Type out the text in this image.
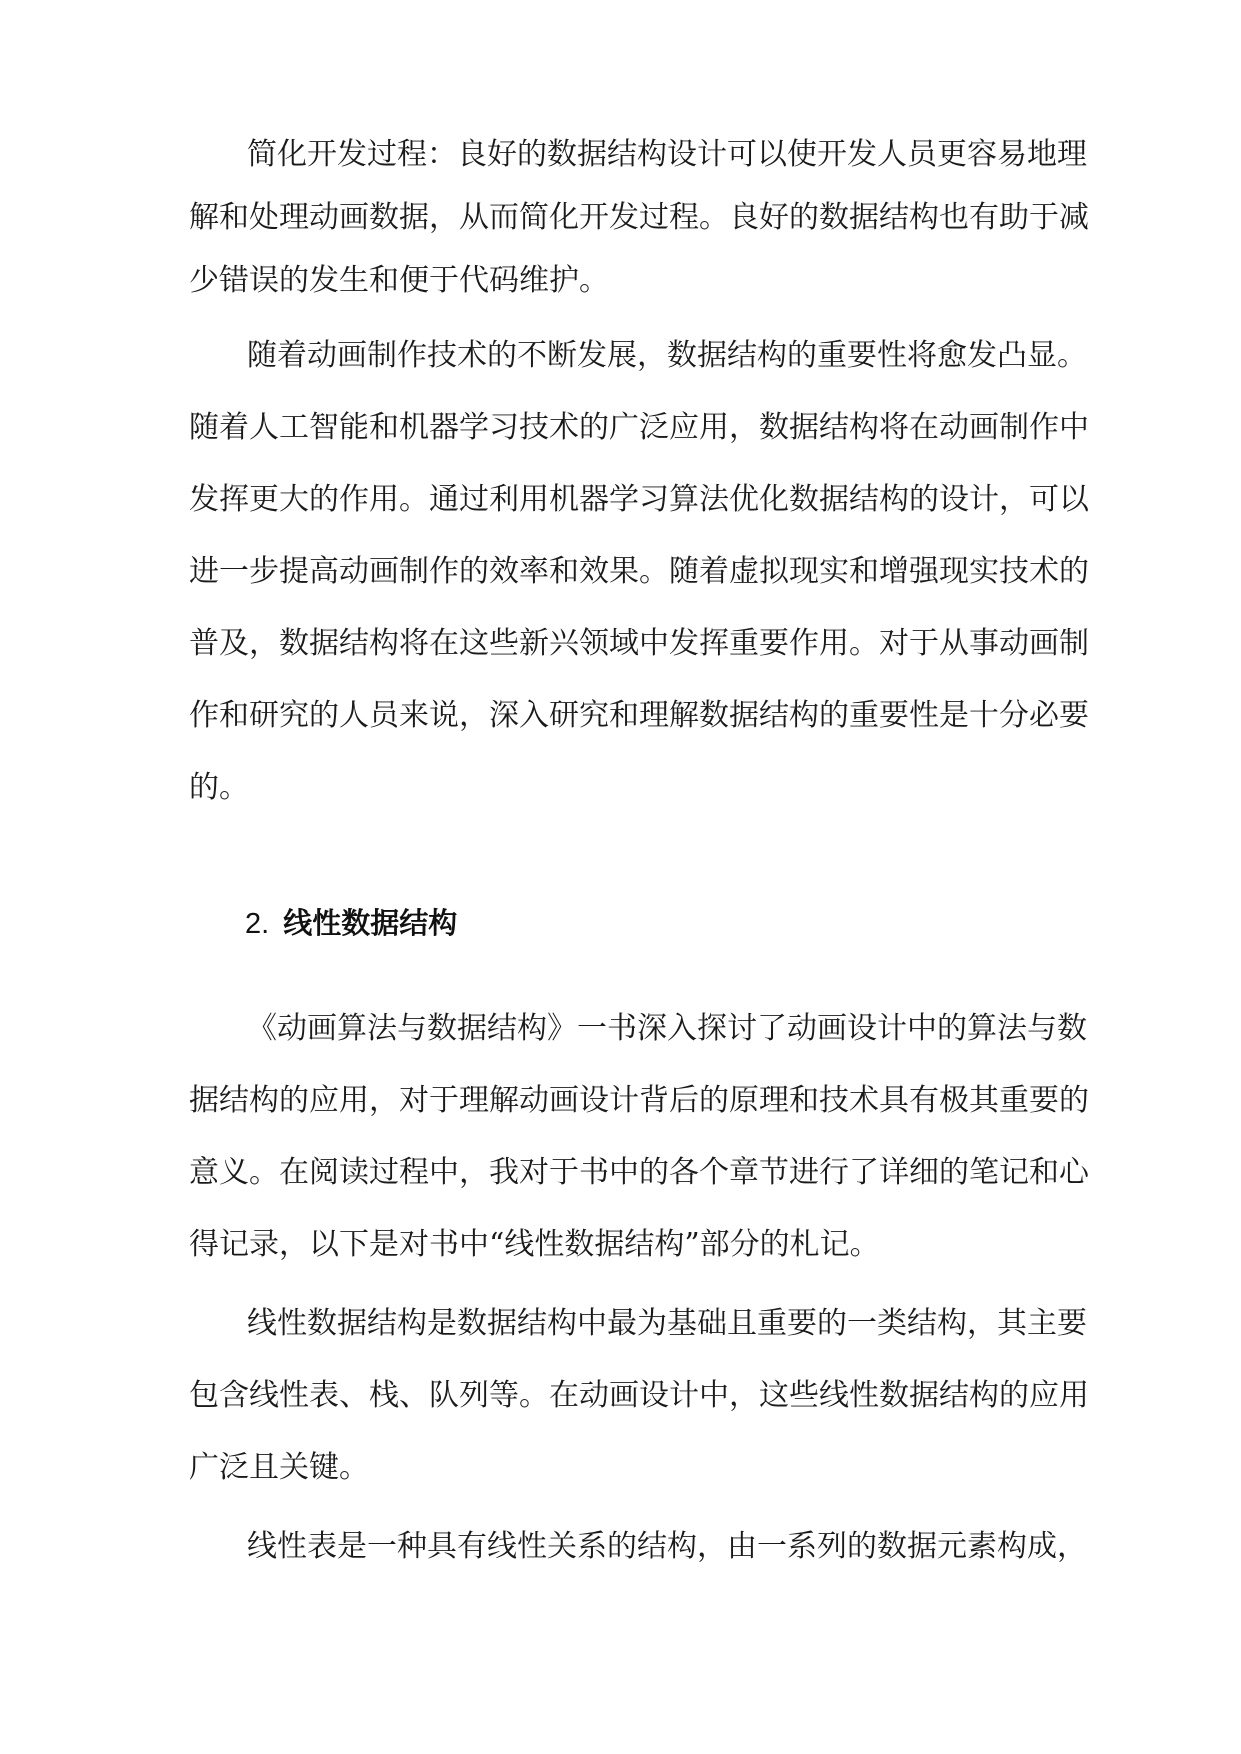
简化开发过程：良好的数据结构设计可以使开发人员更容易地理
解和处理动画数据，从而简化开发过程。良好的数据结构也有助于减
少错误的发生和便于代码维护。
随着动画制作技术的不断发展，数据结构的重要性将愈发凸显。
随着人工智能和机器学习技术的广泛应用，数据结构将在动画制作中
发挥更大的作用。通过利用机器学习算法优化数据结构的设计，可以
进一步提高动画制作的效率和效果。随着虚拟现实和增强现实技术的
普及，数据结构将在这些新兴领域中发挥重要作用。对于从事动画制
作和研究的人员来说，深入研究和理解数据结构的重要性是十分必要
的。
2. 线性数据结构
《动画算法与数据结构》一书深入探讨了动画设计中的算法与数
据结构的应用，对于理解动画设计背后的原理和技术具有极其重要的
意义。在阅读过程中，我对于书中的各个章节进行了详细的笔记和心
得记录，以下是对书中“线性数据结构”部分的札记。
线性数据结构是数据结构中最为基础且重要的一类结构，其主要
包含线性表、栈、队列等。在动画设计中，这些线性数据结构的应用
广泛且关键。
线性表是一种具有线性关系的结构，由一系列的数据元素构成，
